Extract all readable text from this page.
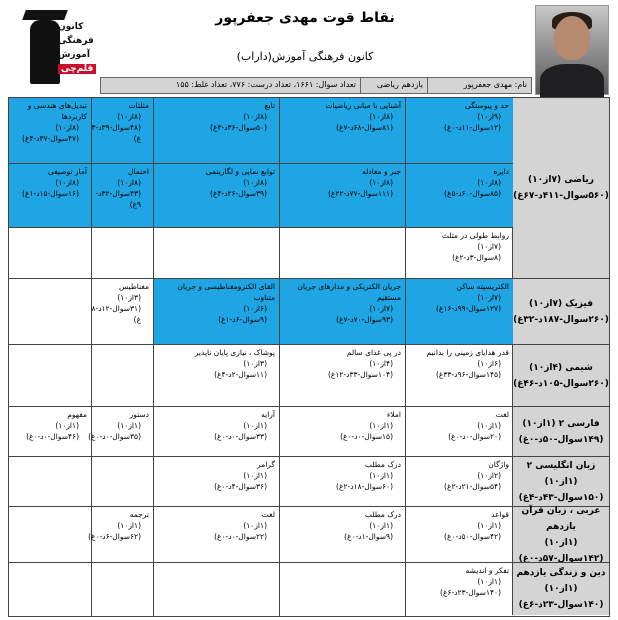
نقاط قوت مهدی جعفرپور
کانون فرهنگی آموزش(داراب)
کانون
فرهنگی
آموزش
قلم‌چی
نام: مهدی جعفرپور
یازدهم ریاضی
تعداد سوال: ۱۶۶۱، تعداد درست: ۷۷۶، تعداد غلط: ۱۵۵
ریاضی (۷از۱۰)
(۵۶۰سوال-۴۱۱د-۶۷غ)
حد و پیوستگی
(۹از۱۰)
(۱۲سوال-۱۱د-۰غ)
آشنایی با مبانی ریاضیات
(۸از۱۰)
(۸۱سوال-۶۸د-۷غ)
تابع
(۸از۱۰)
(۵۰سوال-۳۶د-۳غ)
مثلثات
(۸از۱۰)
(۴۸سوال-۳۹د-۳
غ)
تبدیل‌های هندسی و کاربردها
(۸از۱۰)
(۴۷سوال-۳۷د-۴غ)
دایره
(۸از۱۰)
(۸۵سوال-۶۰د-۵غ)
جبر و معادله
(۸از۱۰)
(۱۱۱سوال-۷۷د-۲۲غ)
توابع نمایی و لگاریتمی
(۸از۱۰)
(۳۹سوال-۲۶د-۴غ)
احتمال
(۸از۱۰)
(۴۳سوال-۳۲د-
۹غ)
آمار توصیفی
(۸از۱۰)
(۱۶سوال-۱۵د-۱غ)
روابط طولی در مثلث
(۷از۱۰)
(۸سوال-۳د-۲غ)
فیزیک (۷از۱۰)
(۲۶۰سوال-۱۸۷د-۳۲غ)
الکتریسیته ساکن
(۷از۱۰)
(۱۲۷سوال-۹۹د-۱۶غ)
جریان الکتریکی و مدارهای جریان مستقیم
(۷از۱۰)
(۹۳سوال-۷۰د-۷غ)
القای الکترومغناطیسی و جریان متناوب
(۶از۱۰)
(۹سوال-۶د-۱غ)
مغناطیس
(۳از۱۰)
(۳۱سوال-۱۲د-۸
غ)
شیمی (۴از۱۰)
(۲۶۰سوال-۱۰۵د-۴۶غ)
قدر هدایای زمینی را بدانیم
(۶از۱۰)
(۱۴۵سوال-۹۶د-۳۳غ)
در پی غذای سالم
(۴از۱۰)
(۱۰۴سوال-۳۳د-۱۲غ)
پوشاک ، نیازی پایان ناپذیر
(۳از۱۰)
(۱۱سوال-۲د-۴غ)
فارسی ۲ (۱از۱۰)
(۱۴۹سوال-۵۰د-۰غ)
لغت
(۱از۱۰)
(۲۰سوال-۰د-۰غ)
املاء
(۱از۱۰)
(۱۵سوال-۰د-۰غ)
آرایه
(۱از۱۰)
(۳۳سوال-۰د-۰غ)
دستور
(۱از۱۰)
(۳۵سوال-۰د-۰غ)
مفهوم
(۱از۱۰)
(۴۶سوال-۰د-۰غ)
زبان انگلیسی ۲ (۱از۱۰)
(۱۵۰سوال-۴۳د-۴غ)
واژگان
(۲از۱۰)
(۵۴سوال-۲۱د-۲غ)
درک مطلب
(۱از۱۰)
(۶۰سوال-۱۸د-۲غ)
گرامر
(۱از۱۰)
(۳۶سوال-۴د-۰غ)
عربی ، زبان قرآن یازدهم
(۱از۱۰)
(۱۴۲سوال-۵۷د-۰غ)
قواعد
(۱از۱۰)
(۴۲سوال-۵۰د-۰غ)
درک مطلب
(۱از۱۰)
(۹سوال-۱د-۰غ)
لغت
(۱از۱۰)
(۲۲سوال-۰د-۰غ)
ترجمه
(۱از۱۰)
(۶۲سوال-۶د-۰غ)
دین و زندگی یازدهم (۱از۱۰)
(۱۴۰سوال-۲۳د-۶غ)
تفکر و اندیشه
(۱از۱۰)
(۱۴۰سوال-۲۳د-۶غ)
